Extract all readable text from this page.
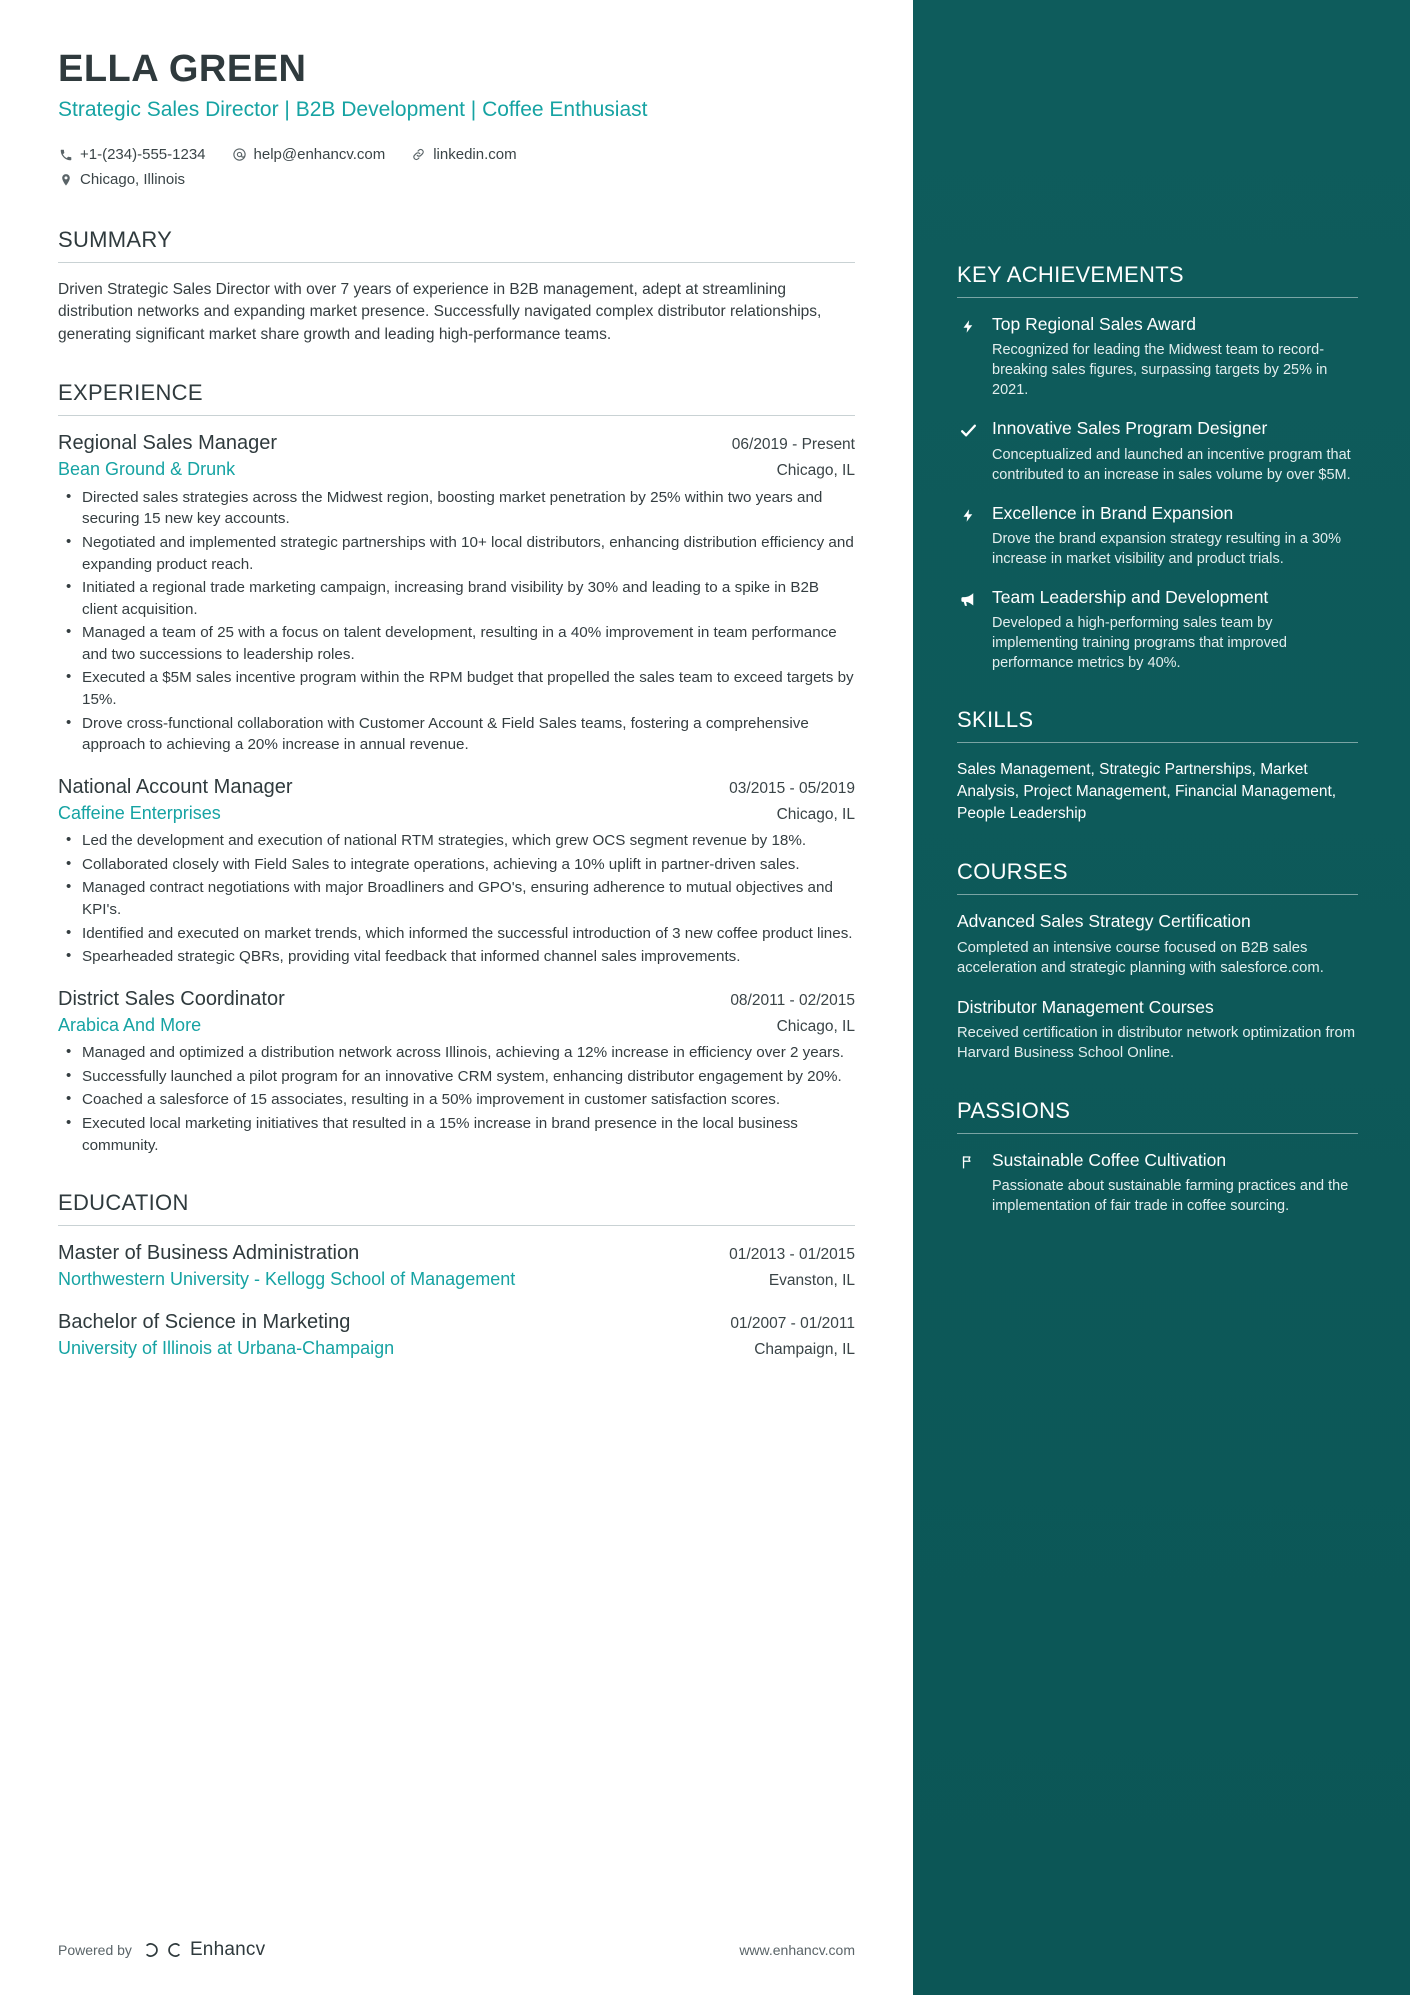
ELLA GREEN
Strategic Sales Director | B2B Development | Coffee Enthusiast
+1-(234)-555-1234	help@enhancv.com	linkedin.com
Chicago, Illinois
SUMMARY
Driven Strategic Sales Director with over 7 years of experience in B2B management, adept at streamlining distribution networks and expanding market presence. Successfully navigated complex distributor relationships, generating significant market share growth and leading high-performance teams.
EXPERIENCE
Regional Sales Manager	06/2019 - Present
Bean Ground & Drunk	Chicago, IL
• Directed sales strategies across the Midwest region, boosting market penetration by 25% within two years and securing 15 new key accounts.
• Negotiated and implemented strategic partnerships with 10+ local distributors, enhancing distribution efficiency and expanding product reach.
• Initiated a regional trade marketing campaign, increasing brand visibility by 30% and leading to a spike in B2B client acquisition.
• Managed a team of 25 with a focus on talent development, resulting in a 40% improvement in team performance and two successions to leadership roles.
• Executed a $5M sales incentive program within the RPM budget that propelled the sales team to exceed targets by 15%.
• Drove cross-functional collaboration with Customer Account & Field Sales teams, fostering a comprehensive approach to achieving a 20% increase in annual revenue.
National Account Manager	03/2015 - 05/2019
Caffeine Enterprises	Chicago, IL
• Led the development and execution of national RTM strategies, which grew OCS segment revenue by 18%.
• Collaborated closely with Field Sales to integrate operations, achieving a 10% uplift in partner-driven sales.
• Managed contract negotiations with major Broadliners and GPO's, ensuring adherence to mutual objectives and KPI's.
• Identified and executed on market trends, which informed the successful introduction of 3 new coffee product lines.
• Spearheaded strategic QBRs, providing vital feedback that informed channel sales improvements.
District Sales Coordinator	08/2011 - 02/2015
Arabica And More	Chicago, IL
• Managed and optimized a distribution network across Illinois, achieving a 12% increase in efficiency over 2 years.
• Successfully launched a pilot program for an innovative CRM system, enhancing distributor engagement by 20%.
• Coached a salesforce of 15 associates, resulting in a 50% improvement in customer satisfaction scores.
• Executed local marketing initiatives that resulted in a 15% increase in brand presence in the local business community.
EDUCATION
Master of Business Administration	01/2013 - 01/2015
Northwestern University - Kellogg School of Management	Evanston, IL
Bachelor of Science in Marketing	01/2007 - 01/2011
University of Illinois at Urbana-Champaign	Champaign, IL
Powered by	Enhancv	www.enhancv.com
KEY ACHIEVEMENTS
Top Regional Sales Award
Recognized for leading the Midwest team to record-breaking sales figures, surpassing targets by 25% in 2021.
Innovative Sales Program Designer
Conceptualized and launched an incentive program that contributed to an increase in sales volume by over $5M.
Excellence in Brand Expansion
Drove the brand expansion strategy resulting in a 30% increase in market visibility and product trials.
Team Leadership and Development
Developed a high-performing sales team by implementing training programs that improved performance metrics by 40%.
SKILLS
Sales Management, Strategic Partnerships, Market Analysis, Project Management, Financial Management, People Leadership
COURSES
Advanced Sales Strategy Certification
Completed an intensive course focused on B2B sales acceleration and strategic planning with salesforce.com.
Distributor Management Courses
Received certification in distributor network optimization from Harvard Business School Online.
PASSIONS
Sustainable Coffee Cultivation
Passionate about sustainable farming practices and the implementation of fair trade in coffee sourcing.
